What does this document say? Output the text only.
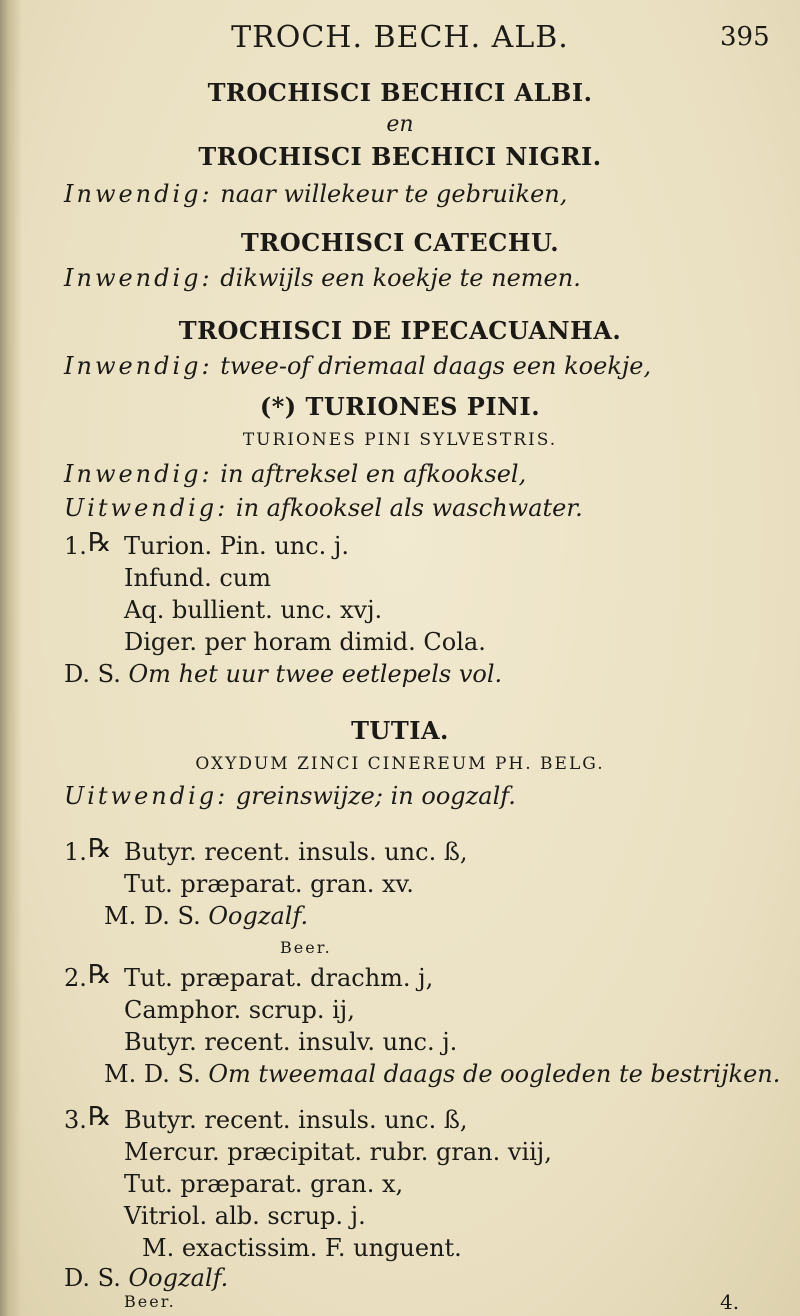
TROCH. BECH. ALB.	395
TROCHISCI BECHICI ALBI.
en
TROCHISCI BECHICI NIGRI.
Inwendig: naar willekeur te gebruiken,
TROCHISCI CATECHU.
Inwendig: dikwijls een koekje te nemen.
TROCHISCI DE IPECACUANHA.
Inwendig: twee-of driemaal daags een koekje,
(*) TURIONES PINI.
TURIONES PINI SYLVESTRIS.
Inwendig: in aftreksel en afkooksel,
Uitwendig: in afkooksel als waschwater.
1. ℞ Turion. Pin. unc. j.
Infund. cum
Aq. bullient. unc. xvj.
Diger. per horam dimid. Cola.
D. S. Om het uur twee eetlepels vol.
TUTIA.
OXYDUM ZINCI CINEREUM PH. BELG.
Uitwendig: greinswijze; in oogzalf.
1. ℞ Butyr. recent. insuls. unc. ß,
Tut. præparat. gran. xv.
M. D. S. Oogzalf.
Beer.
2. ℞ Tut. præparat. drachm. j,
Camphor. scrup. ij,
Butyr. recent. insulv. unc. j.
M. D. S. Om tweemaal daags de oogleden te bestrijken.
3. ℞ Butyr. recent. insuls. unc. ß,
Mercur. præcipitat. rubr. gran. viij,
Tut. præparat. gran. x,
Vitriol. alb. scrup. j.
M. exactissim. F. unguent.
D. S. Oogzalf.
Beer.	4.
